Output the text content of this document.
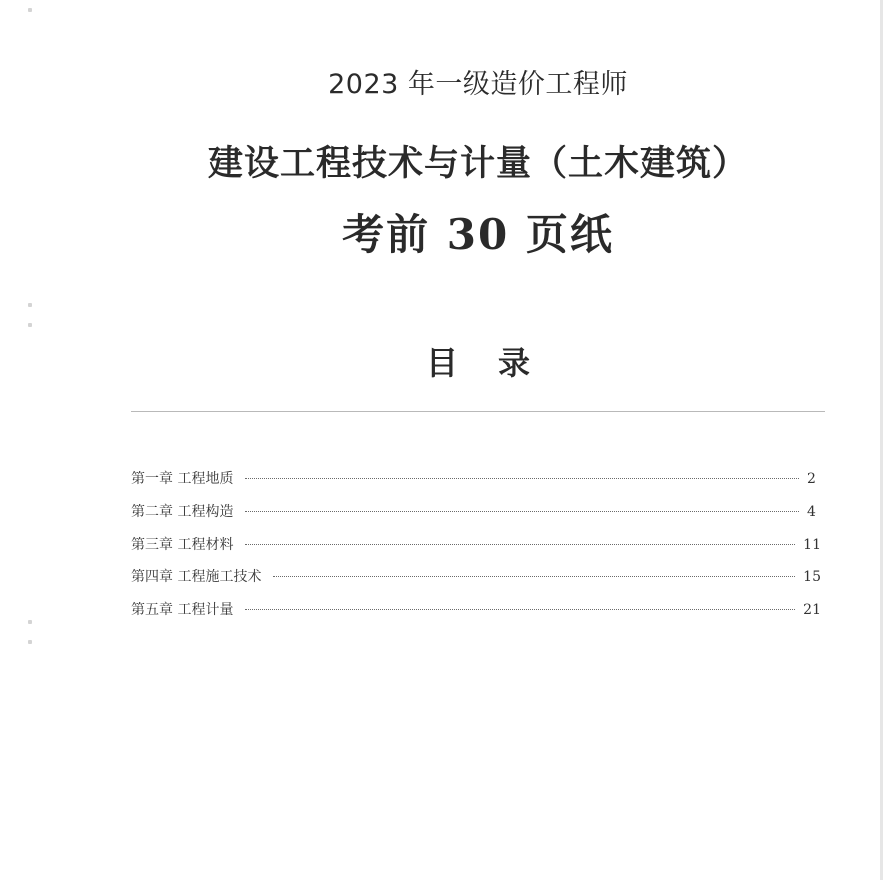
2023 年一级造价工程师
建设工程技术与计量（土木建筑）
考前 30 页纸
目 录
第一章 工程地质	2
第二章 工程构造	4
第三章 工程材料	11
第四章 工程施工技术	15
第五章 工程计量	21
